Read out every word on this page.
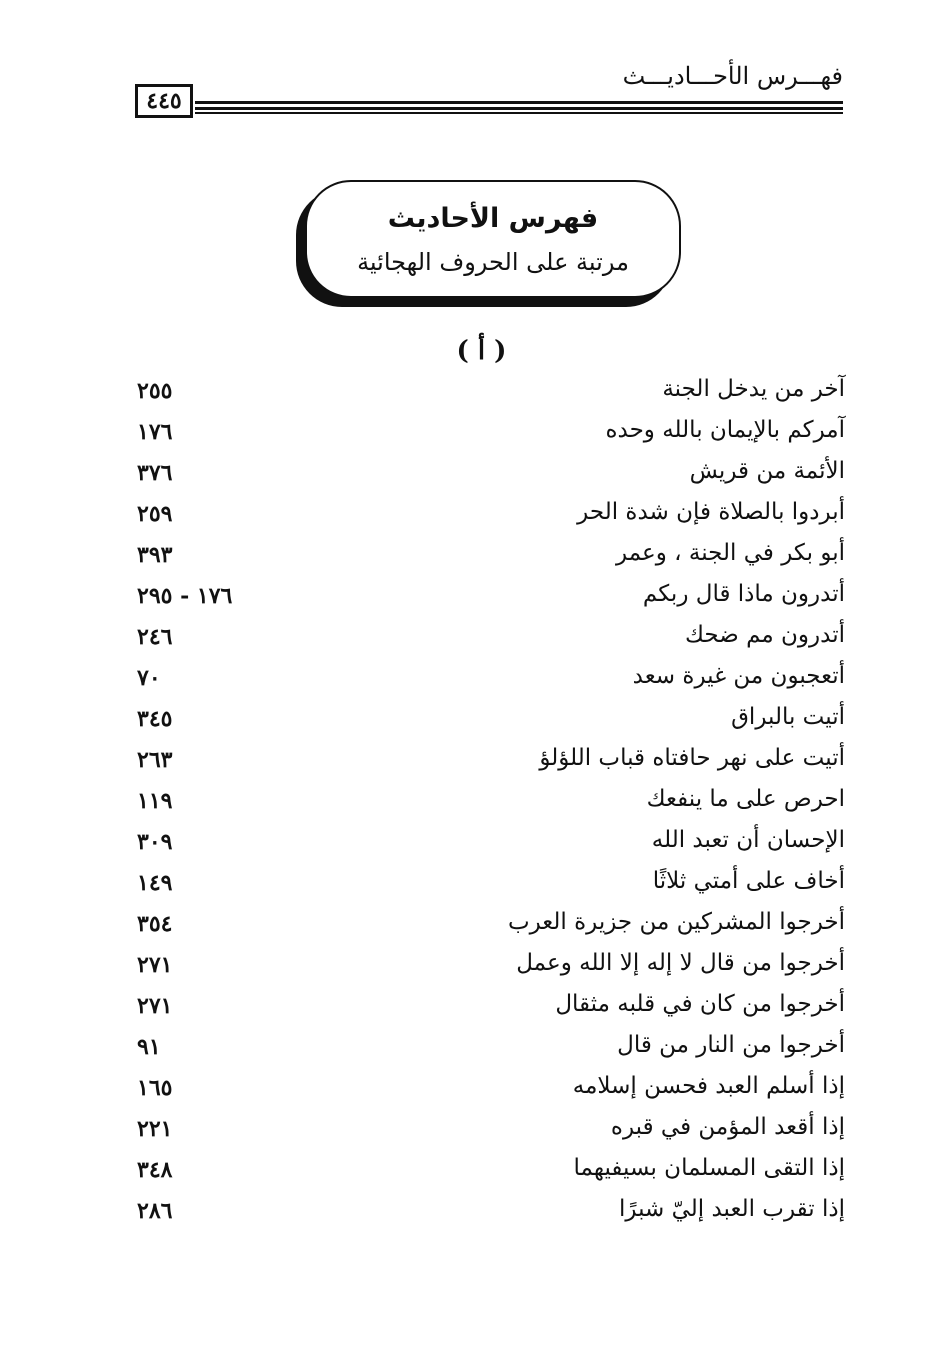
فهـــرس الأحـــاديـــث
٤٤٥
فهرس الأحاديث
مرتبة على الحروف الهجائية
( أ )
آخر من يدخل الجنة
٢٥٥
آمركم بالإيمان بالله وحده
١٧٦
الأئمة من قريش
٣٧٦
أبردوا بالصلاة فإن شدة الحر
٢٥٩
أبو بكر في الجنة ، وعمر
٣٩٣
أتدرون ماذا قال ربكم
١٧٦ - ٢٩٥
أتدرون مم ضحك
٢٤٦
أتعجبون من غيرة سعد
٧٠
أتيت بالبراق
٣٤٥
أتيت على نهر حافتاه قباب اللؤلؤ
٢٦٣
احرص على ما ينفعك
١١٩
الإحسان أن تعبد الله
٣٠٩
أخاف على أمتي ثلاثًا
١٤٩
أخرجوا المشركين من جزيرة العرب
٣٥٤
أخرجوا من قال لا إله إلا الله وعمل
٢٧١
أخرجوا من كان في قلبه مثقال
٢٧١
أخرجوا من النار من قال
٩١
إذا أسلم العبد فحسن إسلامه
١٦٥
إذا أقعد المؤمن في قبره
٢٢١
إذا التقى المسلمان بسيفيهما
٣٤٨
إذا تقرب العبد إليّ شبرًا
٢٨٦
